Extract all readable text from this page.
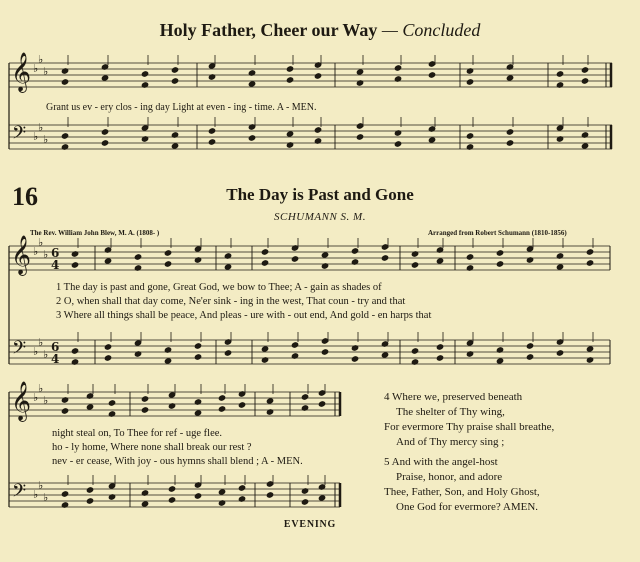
Holy Father, Cheer our Way — Concluded
16	The Day is Past and Gone
SCHUMANN S. M.
The Rev. William John Blew, M. A. (1808- )	Arranged from Robert Schumann (1810-1856)
𝄞
𝄢
♭
♭
♭
♭
♭
♭
𝄞
𝄢
♭
♭
♭
♭
♭
♭
6
4
6
4
𝄞
𝄢
♭
♭
♭
♭
♭
♭
Grant us ev - ery clos - ing day Light at even - ing - time. A - MEN.
1 The day is past and gone, Great God, we bow to Thee; A - gain as shades of
2 O, when shall that day come, Ne'er sink - ing in the west, That coun - try and that
3 Where all things shall be peace, And pleas - ure with - out end, And gold - en harps that
night steal on, To Thee for ref - uge flee.
ho - ly home, Where none shall break our rest ?
nev - er cease, With joy - ous hymns shall blend ; A - MEN.
4 Where we, preserved beneath
The shelter of Thy wing,
For evermore Thy praise shall breathe,
And of Thy mercy sing ;
5 And with the angel-host
Praise, honor, and adore
Thee, Father, Son, and Holy Ghost,
One God for evermore? AMEN.
EVENING
